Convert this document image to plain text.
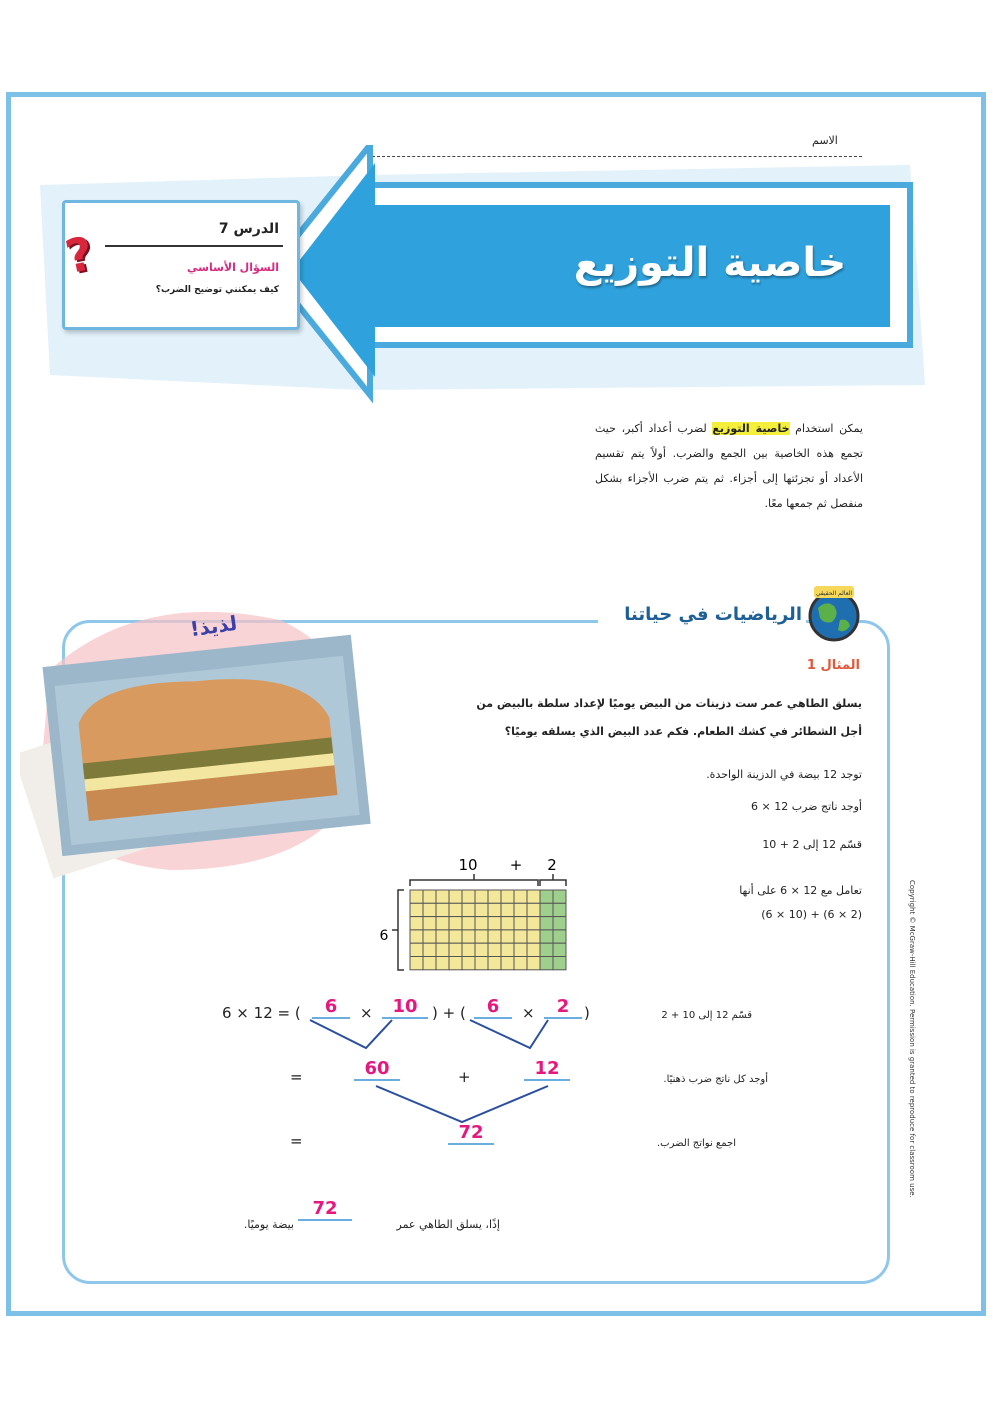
الاسم
خاصية التوزيع
الدرس 7
السؤال الأساسي
كيف يمكنني توضيح الضرب؟
?
يمكن استخدام خاصية التوزيع لضرب أعداد أكبر، حيث تجمع هذه الخاصية بين الجمع والضرب. أولاً يتم تقسيم الأعداد أو تجزئتها إلى أجزاء. ثم يتم ضرب الأجزاء بشكل منفصل ثم جمعها معًا.
الرياضيات في حياتنا
العالم الحقيقي
لذيذ!
المثال 1
يسلق الطاهي عمر ست دزينات من البيض يوميًا لإعداد سلطة بالبيض من أجل الشطائر في كشك الطعام. فكم عدد البيض الذي يسلقه يوميًا؟
توجد 12 بيضة في الدزينة الواحدة.
أوجد ناتج ضرب 12 × 6
قسّم 12 إلى 2 + 10
تعامل مع 12 × 6 على أنها
(6 × 10) + (6 × 2)
10 + 2
6
6 × 12 = (	6	×	10 ) + (	6	×	2 )
=	60	+	12
=	72
قسّم 12 إلى 10 + 2
أوجد كل ناتج ضرب ذهنيًا.
اجمع نواتج الضرب.
إذًا، يسلق الطاهي عمر
72
بيضة يوميًا.
Copyright © McGraw-Hill Education. Permission is granted to reproduce for classroom use.
